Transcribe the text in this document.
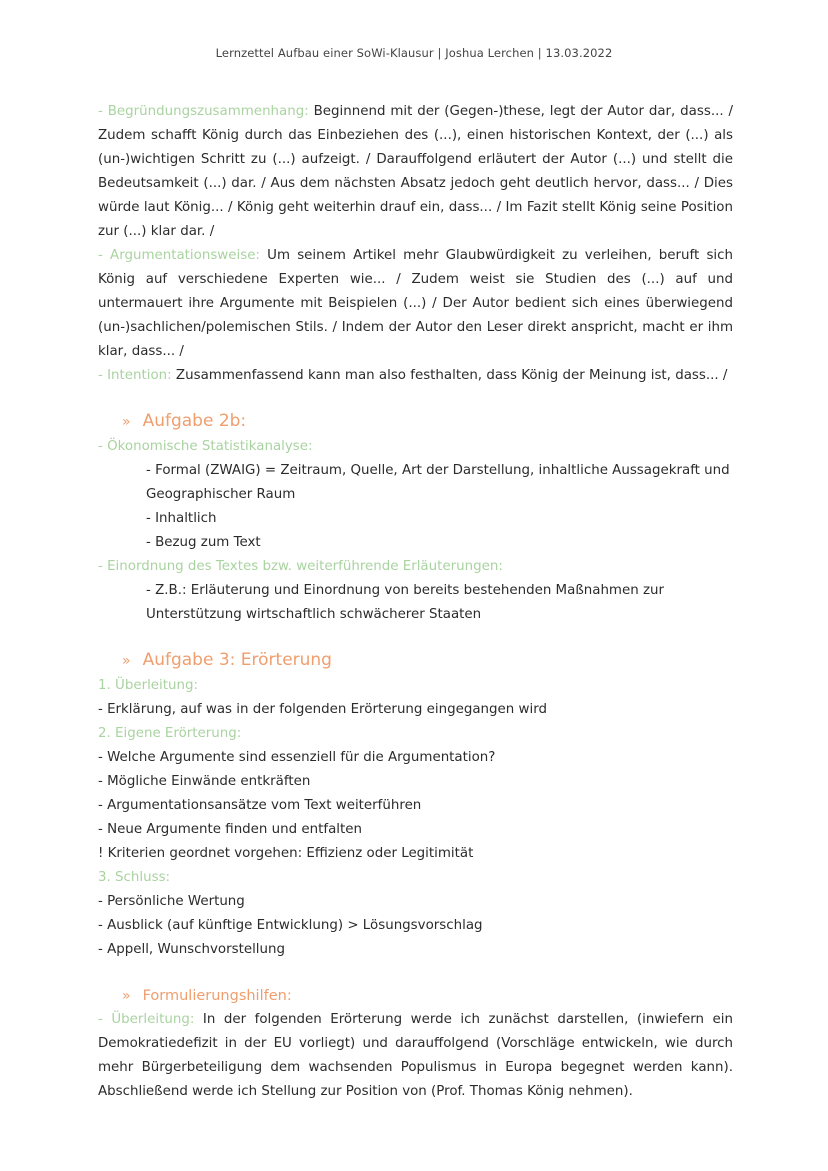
Lernzettel Aufbau einer SoWi-Klausur | Joshua Lerchen | 13.03.2022

- Begründungszusammenhang: Beginnend mit der (Gegen-)these, legt der Autor dar, dass... / Zudem schafft König durch das Einbeziehen des (...), einen historischen Kontext, der (...) als (un-)wichtigen Schritt zu (...) aufzeigt. / Darauffolgend erläutert der Autor (...) und stellt die Bedeutsamkeit (...) dar. / Aus dem nächsten Absatz jedoch geht deutlich hervor, dass... / Dies würde laut König... / König geht weiterhin drauf ein, dass... / Im Fazit stellt König seine Position zur (...) klar dar. /

- Argumentationsweise: Um seinem Artikel mehr Glaubwürdigkeit zu verleihen, beruft sich König auf verschiedene Experten wie... / Zudem weist sie Studien des (...) auf und untermauert ihre Argumente mit Beispielen (...) / Der Autor bedient sich eines überwiegend (un-)sachlichen/polemischen Stils. / Indem der Autor den Leser direkt anspricht, macht er ihm klar, dass... /

- Intention: Zusammenfassend kann man also festhalten, dass König der Meinung ist, dass... /

» Aufgabe 2b:

- Ökonomische Statistikanalyse:

- Formal (ZWAIG) = Zeitraum, Quelle, Art der Darstellung, inhaltliche Aussagekraft und Geographischer Raum

- Inhaltlich

- Bezug zum Text

- Einordnung des Textes bzw. weiterführende Erläuterungen:

- Z.B.: Erläuterung und Einordnung von bereits bestehenden Maßnahmen zur Unterstützung wirtschaftlich schwächerer Staaten

» Aufgabe 3: Erörterung

1. Überleitung:

- Erklärung, auf was in der folgenden Erörterung eingegangen wird

2. Eigene Erörterung:

- Welche Argumente sind essenziell für die Argumentation?

- Mögliche Einwände entkräften

- Argumentationsansätze vom Text weiterführen

- Neue Argumente finden und entfalten

! Kriterien geordnet vorgehen: Effizienz oder Legitimität

3. Schluss:

- Persönliche Wertung

- Ausblick (auf künftige Entwicklung) > Lösungsvorschlag

- Appell, Wunschvorstellung

» Formulierungshilfen:

- Überleitung: In der folgenden Erörterung werde ich zunächst darstellen, (inwiefern ein Demokratiedefizit in der EU vorliegt) und darauffolgend (Vorschläge entwickeln, wie durch mehr Bürgerbeteiligung dem wachsenden Populismus in Europa begegnet werden kann). Abschließend werde ich Stellung zur Position von (Prof. Thomas König nehmen).
